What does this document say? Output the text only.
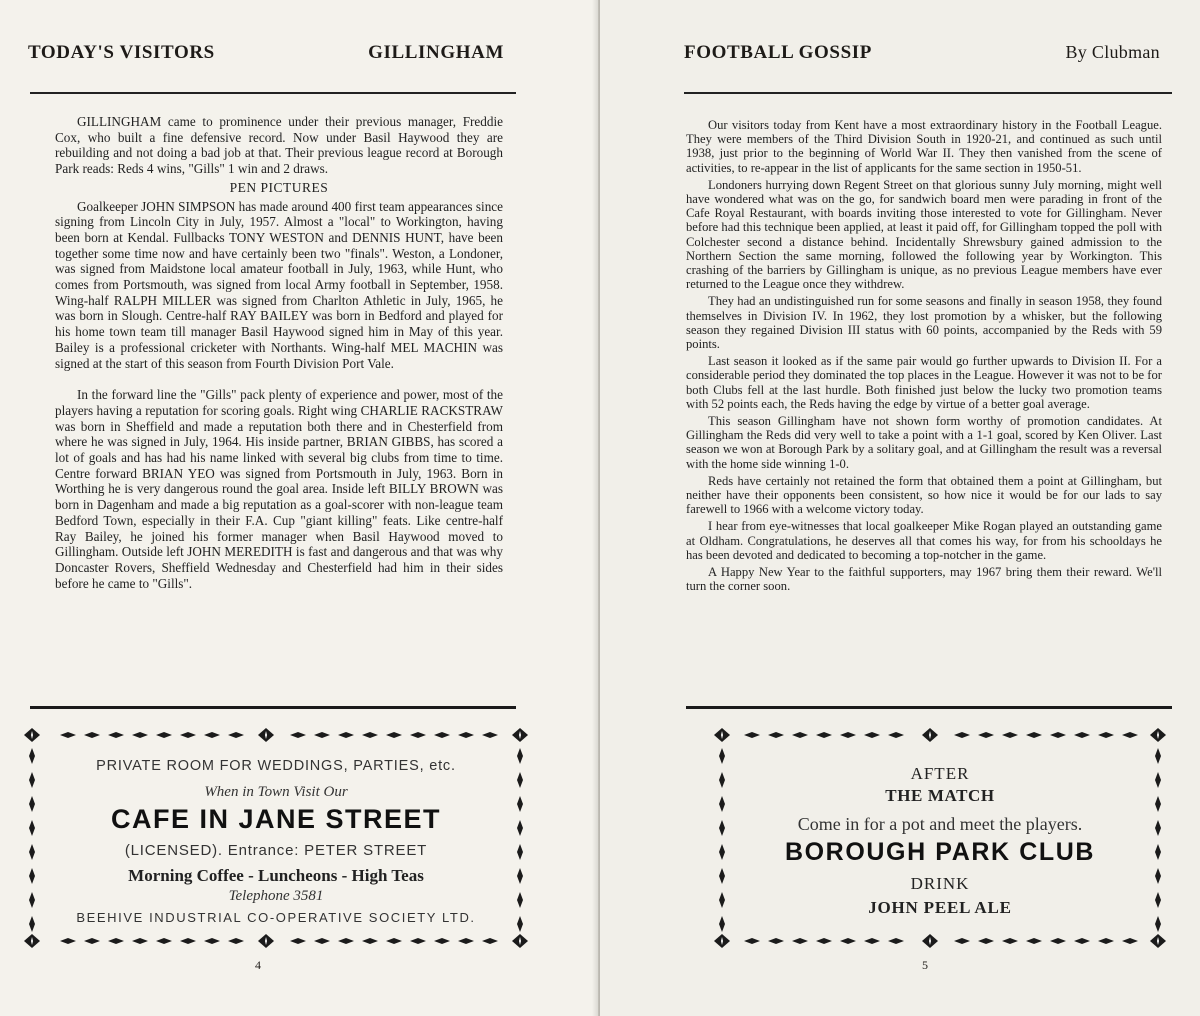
TODAY'S VISITORS	GILLINGHAM

GILLINGHAM came to prominence under their previous manager, Freddie Cox, who built a fine defensive record. Now under Basil Haywood they are rebuilding and not doing a bad job at that. Their previous league record at Borough Park reads: Reds 4 wins, "Gills" 1 win and 2 draws.

PEN PICTURES

Goalkeeper JOHN SIMPSON has made around 400 first team appearances since signing from Lincoln City in July, 1957. Almost a "local" to Workington, having been born at Kendal. Fullbacks TONY WESTON and DENNIS HUNT, have been together some time now and have certainly been two "finals". Weston, a Londoner, was signed from Maidstone local amateur football in July, 1963, while Hunt, who comes from Portsmouth, was signed from local Army football in September, 1958. Wing-half RALPH MILLER was signed from Charlton Athletic in July, 1965, he was born in Slough. Centre-half RAY BAILEY was born in Bedford and played for his home town team till manager Basil Haywood signed him in May of this year. Bailey is a professional cricketer with Northants. Wing-half MEL MACHIN was signed at the start of this season from Fourth Division Port Vale.

In the forward line the "Gills" pack plenty of experience and power, most of the players having a reputation for scoring goals. Right wing CHARLIE RACKSTRAW was born in Sheffield and made a reputation both there and in Chesterfield from where he was signed in July, 1964. His inside partner, BRIAN GIBBS, has scored a lot of goals and has had his name linked with several big clubs from time to time. Centre forward BRIAN YEO was signed from Portsmouth in July, 1963. Born in Worthing he is very dangerous round the goal area. Inside left BILLY BROWN was born in Dagenham and made a big reputation as a goal-scorer with non-league team Bedford Town, especially in their F.A. Cup "giant killing" feats. Like centre-half Ray Bailey, he joined his former manager when Basil Haywood moved to Gillingham. Outside left JOHN MEREDITH is fast and dangerous and that was why Doncaster Rovers, Sheffield Wednesday and Chesterfield had him in their sides before he came to "Gills".

PRIVATE ROOM FOR WEDDINGS, PARTIES, etc.
When in Town Visit Our
CAFE IN JANE STREET
(LICENSED). Entrance: PETER STREET
Morning Coffee - Luncheons - High Teas
Telephone 3581
BEEHIVE INDUSTRIAL CO-OPERATIVE SOCIETY LTD.
4
FOOTBALL GOSSIP	By Clubman

Our visitors today from Kent have a most extraordinary history in the Football League. They were members of the Third Division South in 1920-21, and continued as such until 1938, just prior to the beginning of World War II. They then vanished from the scene of activities, to re-appear in the list of applicants for the same section in 1950-51.

Londoners hurrying down Regent Street on that glorious sunny July morning, might well have wondered what was on the go, for sandwich board men were parading in front of the Cafe Royal Restaurant, with boards inviting those interested to vote for Gillingham. Never before had this technique been applied, at least it paid off, for Gillingham topped the poll with Colchester second a distance behind. Incidentally Shrewsbury gained admission to the Northern Section the same morning, followed the following year by Workington. This crashing of the barriers by Gillingham is unique, as no previous League members have ever returned to the League once they withdrew.

They had an undistinguished run for some seasons and finally in season 1958, they found themselves in Division IV. In 1962, they lost promotion by a whisker, but the following season they regained Division III status with 60 points, accompanied by the Reds with 59 points.

Last season it looked as if the same pair would go further upwards to Division II. For a considerable period they dominated the top places in the League. However it was not to be for both Clubs fell at the last hurdle. Both finished just below the lucky two promotion teams with 52 points each, the Reds having the edge by virtue of a better goal average.

This season Gillingham have not shown form worthy of promotion candidates. At Gillingham the Reds did very well to take a point with a 1-1 goal, scored by Ken Oliver. Last season we won at Borough Park by a solitary goal, and at Gillingham the result was a reversal with the home side winning 1-0.

Reds have certainly not retained the form that obtained them a point at Gillingham, but neither have their opponents been consistent, so how nice it would be for our lads to say farewell to 1966 with a welcome victory today.

I hear from eye-witnesses that local goalkeeper Mike Rogan played an outstanding game at Oldham. Congratulations, he deserves all that comes his way, for from his schooldays he has been devoted and dedicated to becoming a top-notcher in the game.

A Happy New Year to the faithful supporters, may 1967 bring them their reward. We'll turn the corner soon.

AFTER
THE MATCH
Come in for a pot and meet the players.
BOROUGH PARK CLUB
DRINK
JOHN PEEL ALE
5
